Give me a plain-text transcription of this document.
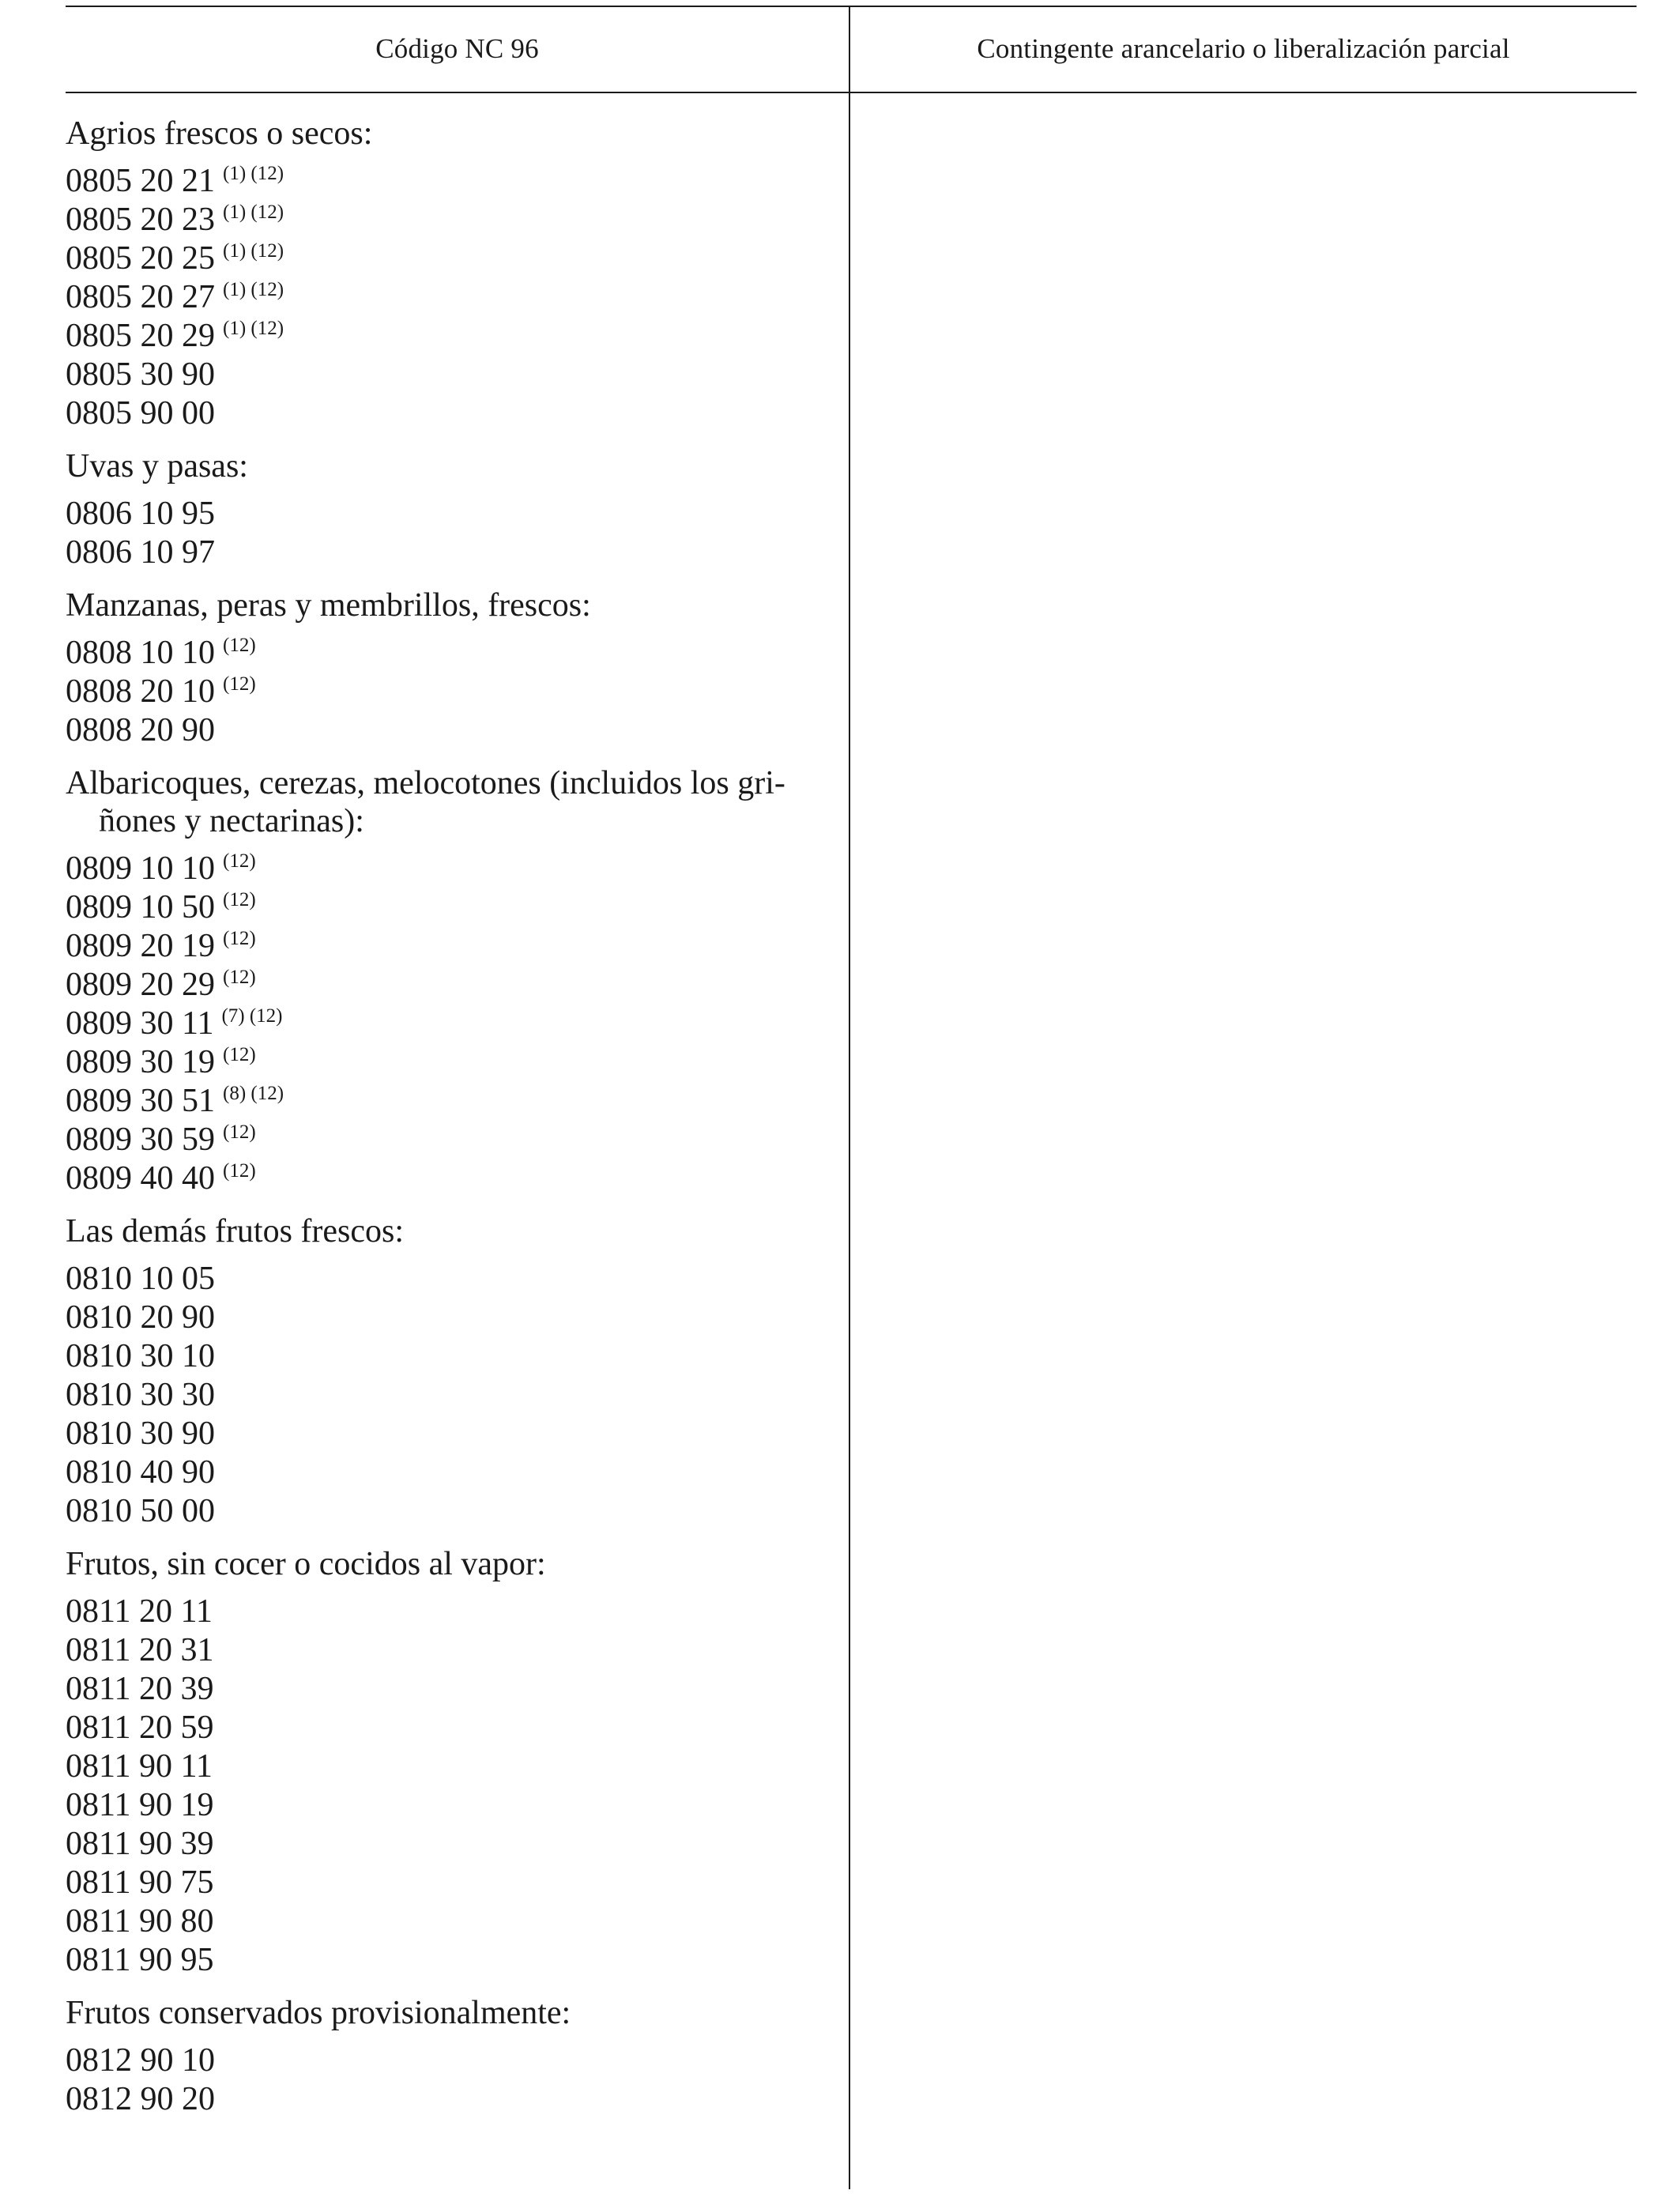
Código NC 96	Contingente arancelario o liberalización parcial
Agrios frescos o secos:
0805 20 21 $^{(1) (12)}$
0805 20 23 $^{(1) (12)}$
0805 20 25 $^{(1) (12)}$
0805 20 27 $^{(1) (12)}$
0805 20 29 $^{(1) (12)}$
0805 30 90
0805 90 00
Uvas y pasas:
0806 10 95
0806 10 97
Manzanas, peras y membrillos, frescos:
0808 10 10 $^{(12)}$
0808 20 10 $^{(12)}$
0808 20 90
Albaricoques, cerezas, melocotones (incluidos los gri- ñones y nectarinas):
0809 10 10 $^{(12)}$
0809 10 50 $^{(12)}$
0809 20 19 $^{(12)}$
0809 20 29 $^{(12)}$
0809 30 11 $^{(7) (12)}$
0809 30 19 $^{(12)}$
0809 30 51 $^{(8) (12)}$
0809 30 59 $^{(12)}$
0809 40 40 $^{(12)}$
Las demás frutos frescos:
0810 10 05
0810 20 90
0810 30 10
0810 30 30
0810 30 90
0810 40 90
0810 50 00
Frutos, sin cocer o cocidos al vapor:
0811 20 11
0811 20 31
0811 20 39
0811 20 59
0811 90 11
0811 90 19
0811 90 39
0811 90 75
0811 90 80
0811 90 95
Frutos conservados provisionalmente:
0812 90 10
0812 90 20
